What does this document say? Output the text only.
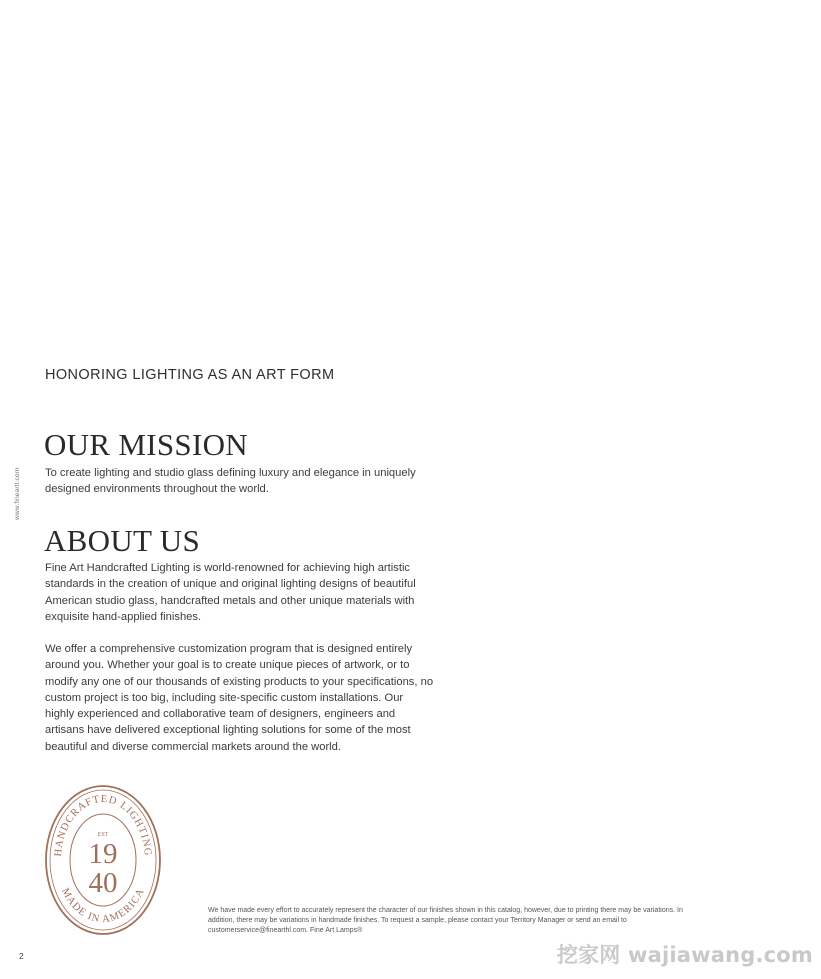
HONORING LIGHTING AS AN ART FORM
www.fineartl.com
OUR MISSION

To create lighting and studio glass defining luxury and elegance in uniquely designed environments throughout the world.

ABOUT US

Fine Art Handcrafted Lighting is world-renowned for achieving high artistic standards in the creation of unique and original lighting designs of beautiful American studio glass, handcrafted metals and other unique materials with exquisite hand-applied finishes.

We offer a comprehensive customization program that is designed entirely around you. Whether your goal is to create unique pieces of artwork, or to modify any one of our thousands of existing products to your specifications, no custom project is too big, including site-specific custom installations. Our highly experienced and collaborative team of designers, engineers and artisans have delivered exceptional lighting solutions for some of the most beautiful and diverse commercial markets around the world.

HANDCRAFTED LIGHTING
MADE IN AMERICA
EST
19
40

We have made every effort to accurately represent the character of our finishes shown in this catalog, however, due to printing there may be variations. In addition, there may be variations in handmade finishes. To request a sample, please contact your Territory Manager or send an email to customerservice@finearthl.com. Fine Art Lamps®

2	挖家网 wajiawang.com
